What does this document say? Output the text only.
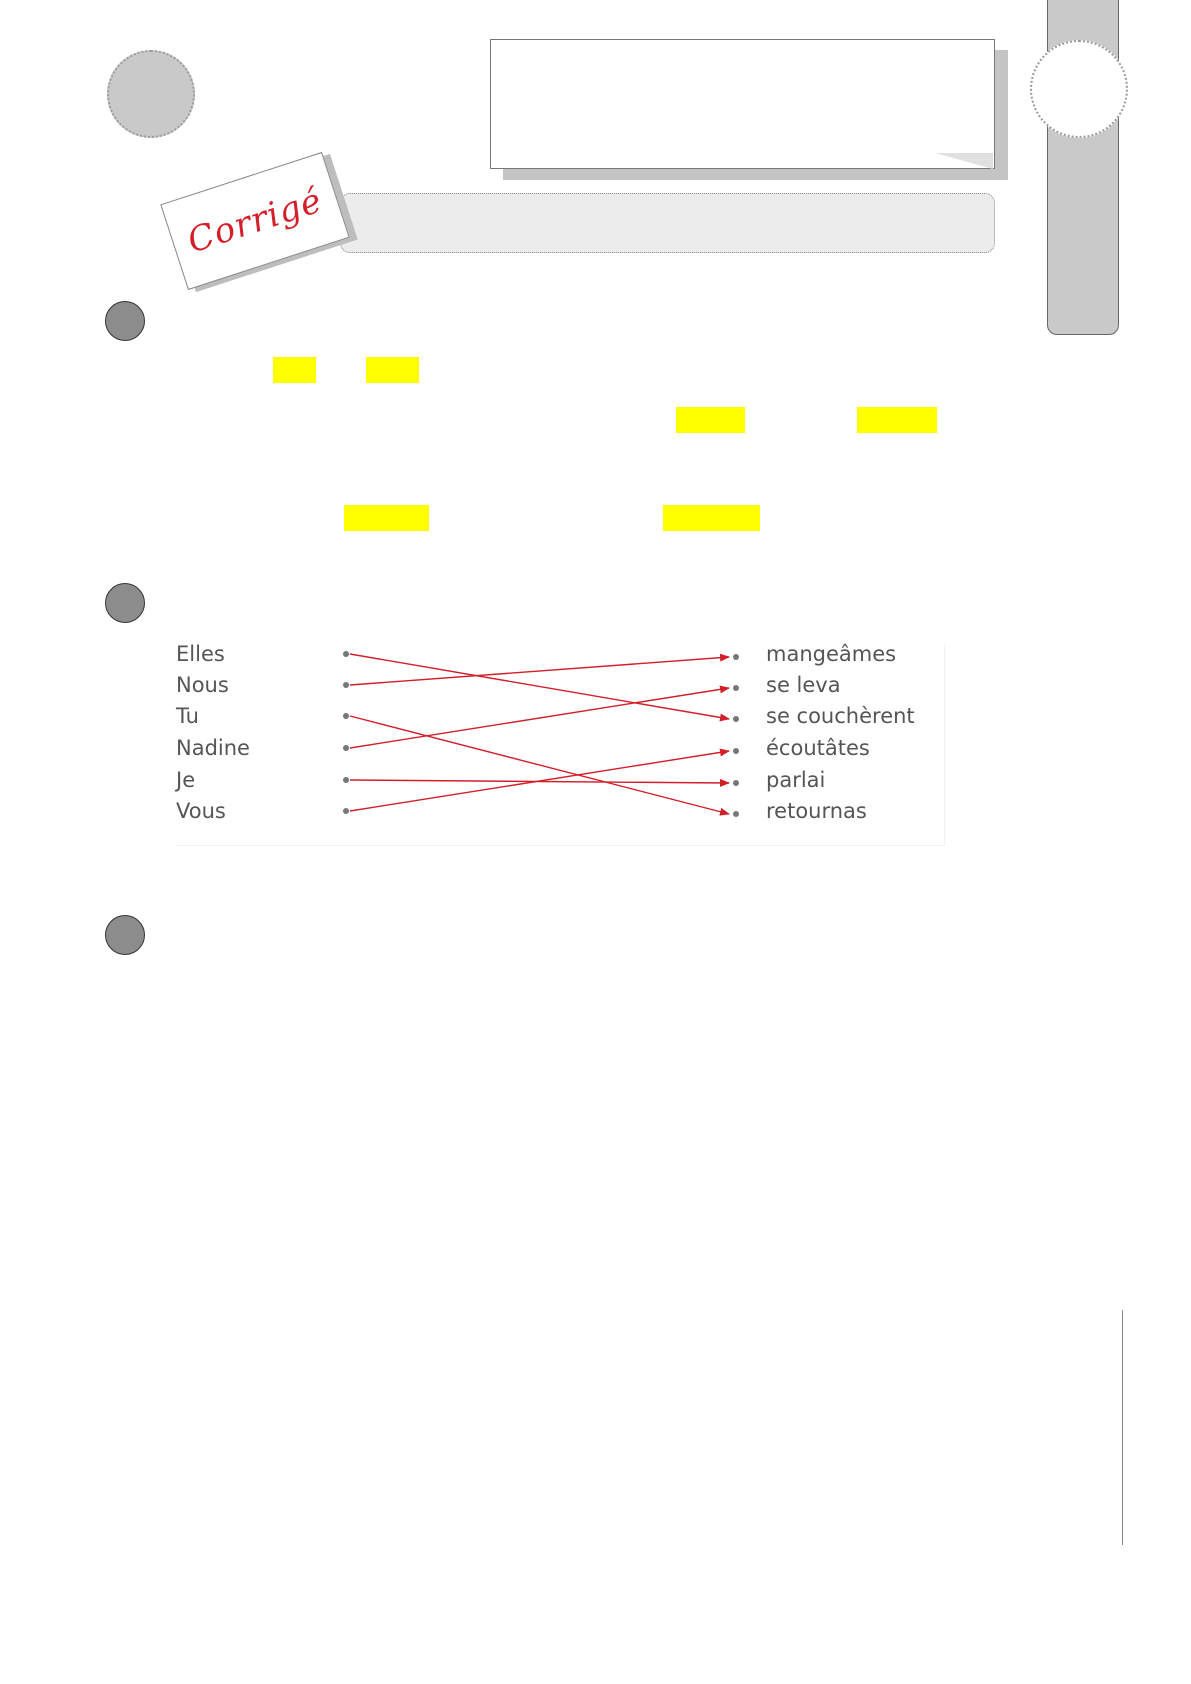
Corrigé
Elles
Nous
Tu
Nadine
Je
Vous
mangeâmes
se leva
se couchèrent
écoutâtes
parlai
retournas
